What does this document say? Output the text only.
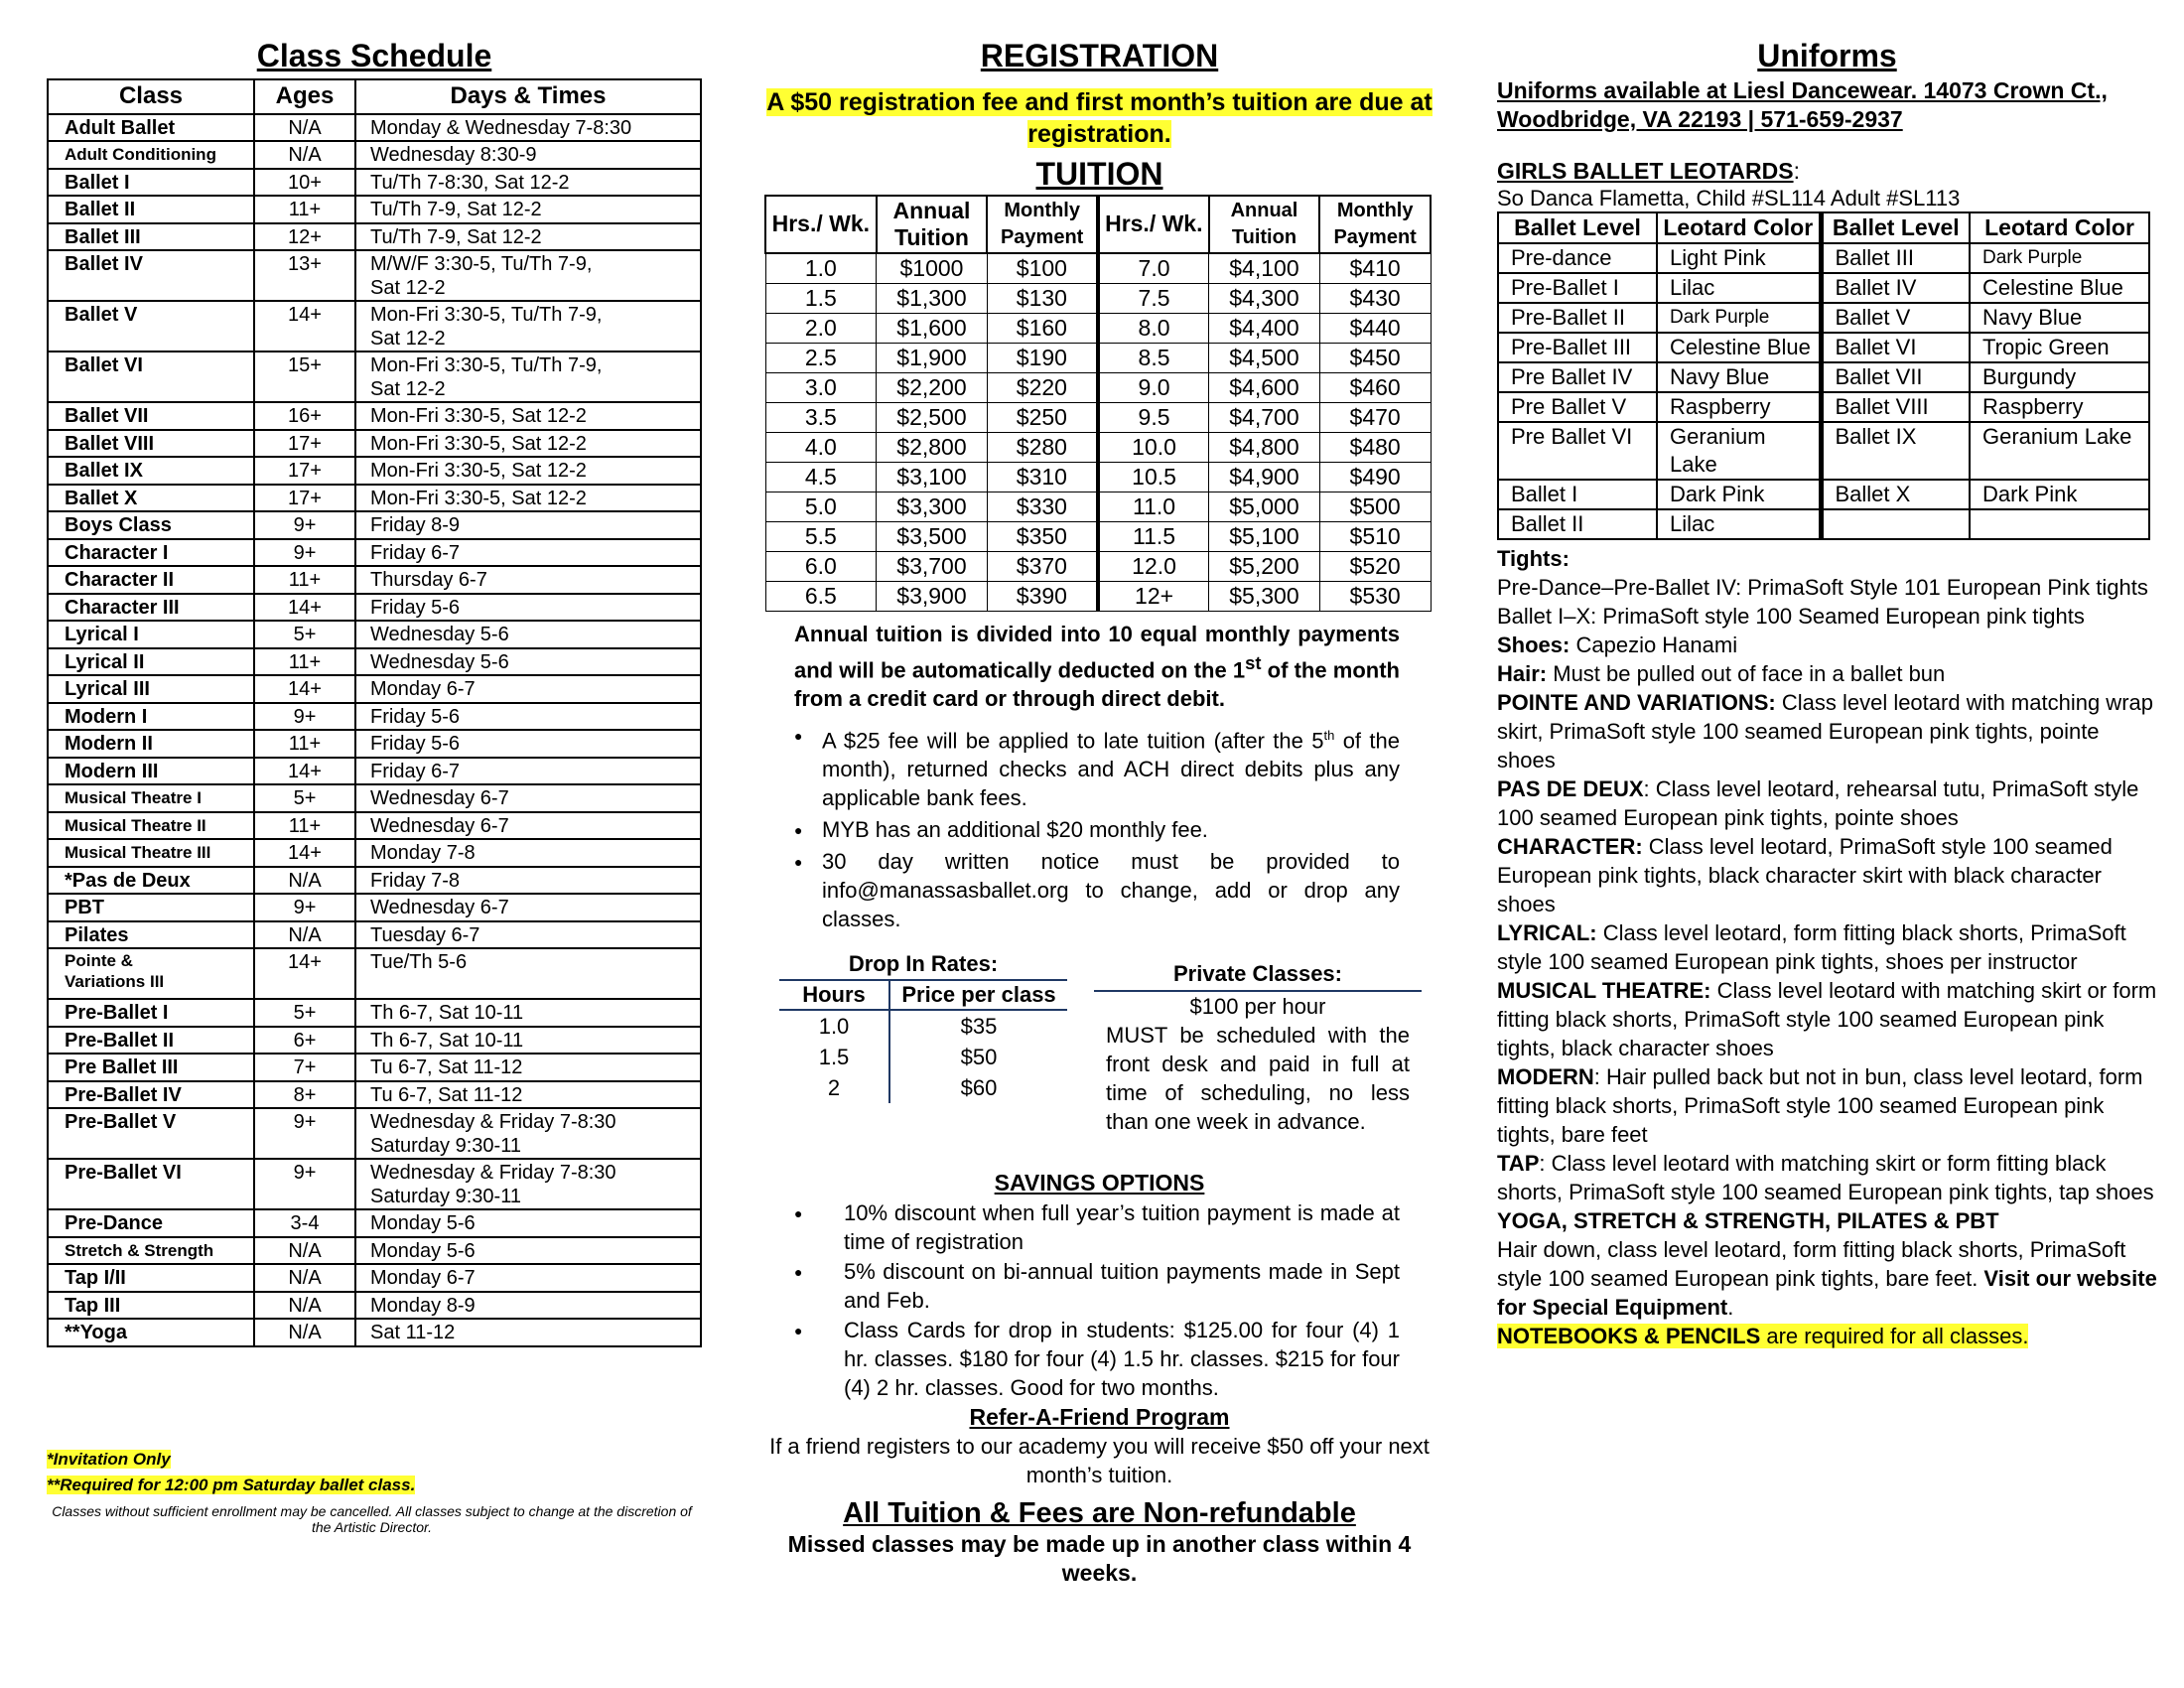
Class Schedule
Class	Ages	Days & Times

Adult Ballet	N/A	Monday & Wednesday 7-8:30

Adult Conditioning	N/A	Wednesday 8:30-9

Ballet I	10+	Tu/Th 7-8:30, Sat 12-2

Ballet II	11+	Tu/Th 7-9, Sat 12-2

Ballet III	12+	Tu/Th 7-9, Sat 12-2

Ballet IV	13+	M/W/F 3:30-5, Tu/Th 7-9,
Sat 12-2

Ballet V	14+	Mon-Fri 3:30-5, Tu/Th 7-9,
Sat 12-2

Ballet VI	15+	Mon-Fri 3:30-5, Tu/Th 7-9,
Sat 12-2

Ballet VII	16+	Mon-Fri 3:30-5, Sat 12-2

Ballet VIII	17+	Mon-Fri 3:30-5, Sat 12-2

Ballet IX	17+	Mon-Fri 3:30-5, Sat 12-2

Ballet X	17+	Mon-Fri 3:30-5, Sat 12-2

Boys Class	9+	Friday 8-9

Character I	9+	Friday 6-7

Character II	11+	Thursday 6-7

Character III	14+	Friday 5-6

Lyrical I	5+	Wednesday 5-6

Lyrical II	11+	Wednesday 5-6

Lyrical III	14+	Monday 6-7

Modern I	9+	Friday 5-6

Modern II	11+	Friday 5-6

Modern III	14+	Friday 6-7

Musical Theatre I	5+	Wednesday 6-7

Musical Theatre II	11+	Wednesday 6-7

Musical Theatre III	14+	Monday 7-8

*Pas de Deux	N/A	Friday 7-8

PBT	9+	Wednesday 6-7

Pilates	N/A	Tuesday 6-7

Pointe &
Variations III	14+	Tue/Th 5-6

Pre-Ballet I	5+	Th 6-7, Sat 10-11

Pre-Ballet II	6+	Th 6-7, Sat 10-11

Pre Ballet III	7+	Tu 6-7, Sat 11-12

Pre-Ballet IV	8+	Tu 6-7, Sat 11-12

Pre-Ballet V	9+	Wednesday & Friday 7-8:30
Saturday 9:30-11

Pre-Ballet VI	9+	Wednesday & Friday 7-8:30
Saturday 9:30-11

Pre-Dance	3-4	Monday 5-6

Stretch & Strength	N/A	Monday 5-6

Tap I/II	N/A	Monday 6-7

Tap III	N/A	Monday 8-9

**Yoga	N/A	Sat 11-12
*Invitation Only
**Required for 12:00 pm Saturday ballet class.
Classes without sufficient enrollment may be cancelled. All classes subject to change at the discretion of the Artistic Director.
REGISTRATION
A $50 registration fee and first month’s tuition are due at registration.
TUITION
Hrs./ Wk.	Annual Tuition	Monthly Payment	Hrs./ Wk.	Annual Tuition	Monthly Payment
1.0	$1000	$100	7.0	$4,100	$410
1.5	$1,300	$130	7.5	$4,300	$430
2.0	$1,600	$160	8.0	$4,400	$440
2.5	$1,900	$190	8.5	$4,500	$450
3.0	$2,200	$220	9.0	$4,600	$460
3.5	$2,500	$250	9.5	$4,700	$470
4.0	$2,800	$280	10.0	$4,800	$480
4.5	$3,100	$310	10.5	$4,900	$490
5.0	$3,300	$330	11.0	$5,000	$500
5.5	$3,500	$350	11.5	$5,100	$510
6.0	$3,700	$370	12.0	$5,200	$520
6.5	$3,900	$390	12+	$5,300	$530
Annual tuition is divided into 10 equal monthly payments and will be automatically deducted on the 1st of the month from a credit card or through direct debit.
● A $25 fee will be applied to late tuition (after the 5th of the month), returned checks and ACH direct debits plus any applicable bank fees.
● MYB has an additional $20 monthly fee.
● 30 day written notice must be provided to info@manassasballet.org to change, add or drop any classes.
Drop In Rates:
Hours	Price per class
1.0	$35
1.5	$50
2	$60
Private Classes:
$100 per hour
MUST be scheduled with the front desk and paid in full at time of scheduling, no less than one week in advance.
SAVINGS OPTIONS
● 10% discount when full year’s tuition payment is made at time of registration
● 5% discount on bi-annual tuition payments made in Sept and Feb.
● Class Cards for drop in students: $125.00 for four (4) 1 hr. classes. $180 for four (4) 1.5 hr. classes. $215 for four (4) 2 hr. classes. Good for two months.
Refer-A-Friend Program
If a friend registers to our academy you will receive $50 off your next month’s tuition.
All Tuition & Fees are Non-refundable
Missed classes may be made up in another class within 4 weeks.
Uniforms
Uniforms available at Liesl Dancewear. 14073 Crown Ct., Woodbridge, VA 22193 | 571-659-2937
GIRLS BALLET LEOTARDS:
So Danca Flametta, Child #SL114 Adult #SL113
Ballet Level	Leotard Color	Ballet Level	Leotard Color
Pre-dance	Light Pink	Ballet III	Dark Purple
Pre-Ballet I	Lilac	Ballet IV	Celestine Blue
Pre-Ballet II	Dark Purple	Ballet V	Navy Blue
Pre-Ballet III	Celestine Blue	Ballet VI	Tropic Green
Pre Ballet IV	Navy Blue	Ballet VII	Burgundy
Pre Ballet V	Raspberry	Ballet VIII	Raspberry
Pre Ballet VI	Geranium Lake	Ballet IX	Geranium Lake
Ballet I	Dark Pink	Ballet X	Dark Pink
Ballet II	Lilac		

Tights:

Pre-Dance–Pre-Ballet IV: PrimaSoft Style 101 European Pink tights

Ballet I–X: PrimaSoft style 100 Seamed European pink tights

Shoes: Capezio Hanami

Hair: Must be pulled out of face in a ballet bun

POINTE AND VARIATIONS: Class level leotard with matching wrap skirt, PrimaSoft style 100 seamed European pink tights, pointe shoes

PAS DE DEUX: Class level leotard, rehearsal tutu, PrimaSoft style 100 seamed European pink tights, pointe shoes

CHARACTER: Class level leotard, PrimaSoft style 100 seamed European pink tights, black character skirt with black character shoes

LYRICAL: Class level leotard, form fitting black shorts, PrimaSoft style 100 seamed European pink tights, shoes per instructor

MUSICAL THEATRE: Class level leotard with matching skirt or form fitting black shorts, PrimaSoft style 100 seamed European pink tights, black character shoes

MODERN: Hair pulled back but not in bun, class level leotard, form fitting black shorts, PrimaSoft style 100 seamed European pink tights, bare feet

TAP: Class level leotard with matching skirt or form fitting black shorts, PrimaSoft style 100 seamed European pink tights, tap shoes

YOGA, STRETCH & STRENGTH, PILATES & PBT

Hair down, class level leotard, form fitting black shorts, PrimaSoft style 100 seamed European pink tights, bare feet. Visit our website for Special Equipment.

NOTEBOOKS & PENCILS are required for all classes.
